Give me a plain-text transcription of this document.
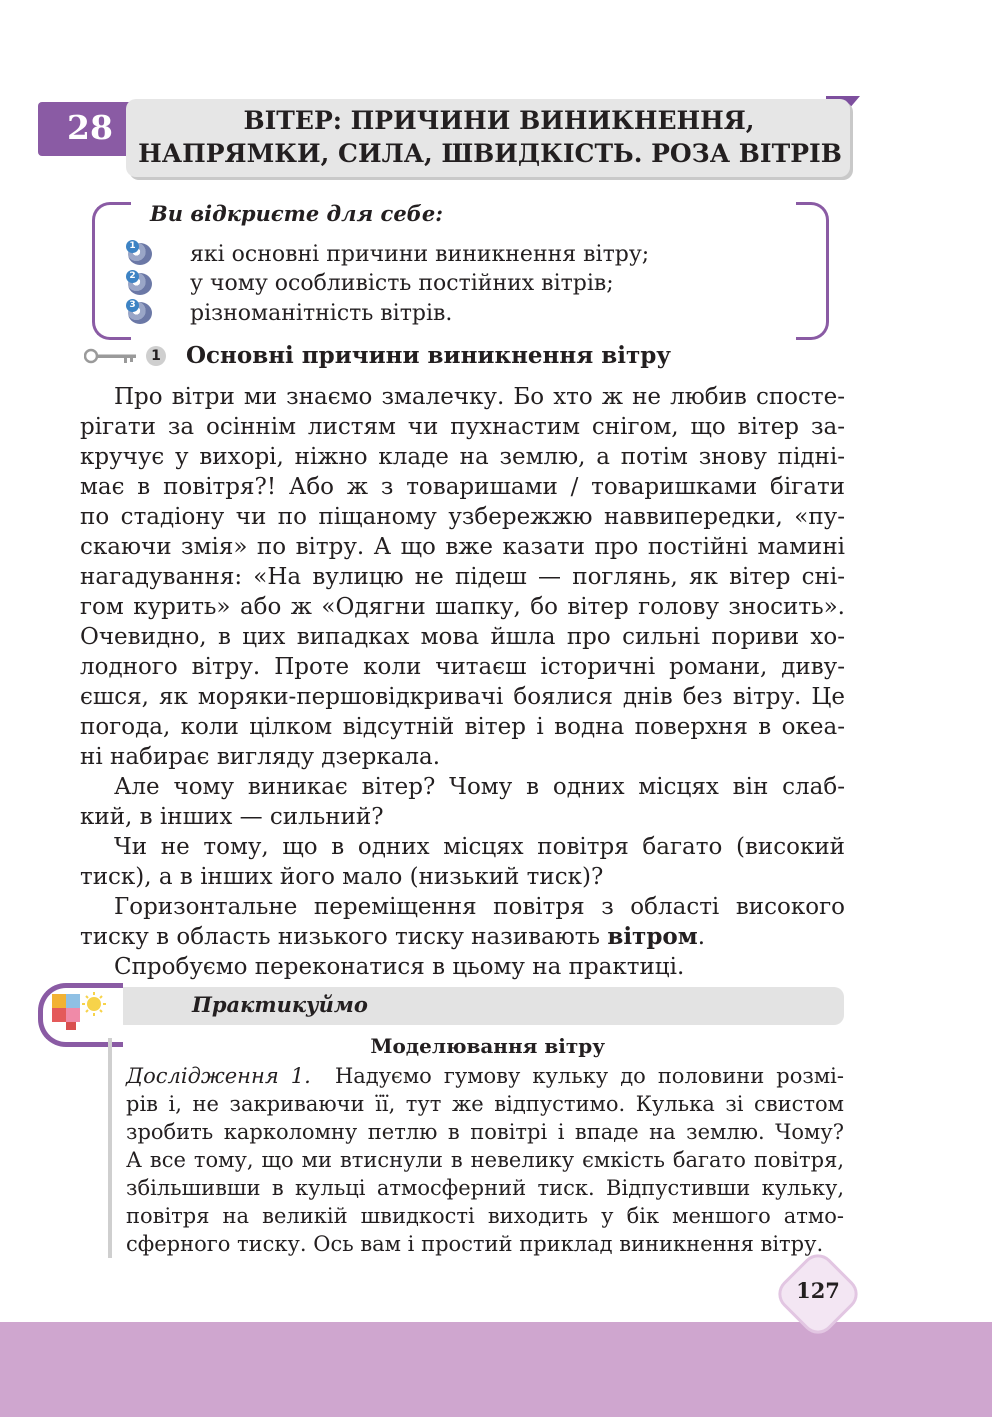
28	ВІТЕР: ПРИЧИНИ ВИНИКНЕННЯ,
НАПРЯМКИ, СИЛА, ШВИДКІСТЬ. РОЗА ВІТРІВ
Ви відкриєте для себе:
1 які основні причини виникнення вітру;
2 у чому особливість постійних вітрів;
3 різноманітність вітрів.
1 Основні причини виникнення вітру
Про вітри ми знаємо змалечку. Бо хто ж не любив споcте-
рігати за осіннім листям чи пухнастим снігом, що вітер за-
кручує у вихорі, ніжно кладе на землю, а потім знову підні-
має в повітря?! Або ж з товаришами / товаришками бігати
по стадіону чи по піщаному узбережжю наввипередки, «пу-
скаючи змія» по вітру. А що вже казати про постійні мамині
нагадування: «На вулицю не підеш — поглянь, як вітер сні-
гом курить» або ж «Одягни шапку, бо вітер голову зносить».
Очевидно, в цих випадках мова йшла про сильні пориви хо-
лодного вітру. Проте коли читаєш історичні романи, диву-
єшся, як моряки-першовідкривачі боялися днів без вітру. Це
погода, коли цілком відсутній вітер і водна поверхня в океа-
ні набирає вигляду дзеркала.
Але чому виникає вітер? Чому в одних місцях він слаб-
кий, в інших — сильний?
Чи не тому, що в одних місцях повітря багато (високий
тиск), а в інших його мало (низький тиск)?
Горизонтальне переміщення повітря з області високого
тиску в область низького тиску називають вітром.
Спробуємо переконатися в цьому на практиці.
Практикуймо
Моделювання вітру
Дослідження 1. Надуємо гумову кульку до половини розмі-
рів і, не закриваючи її, тут же відпустимо. Кулька зі свистом
зробить карколомну петлю в повітрі і впаде на землю. Чому?
А все тому, що ми втиснули в невелику ємкість багато повітря,
збільшивши в кульці атмосферний тиск. Відпустивши кульку,
повітря на великій швидкості виходить у бік меншого атмо-
сферного тиску. Ось вам і простий приклад виникнення вітру.
127
